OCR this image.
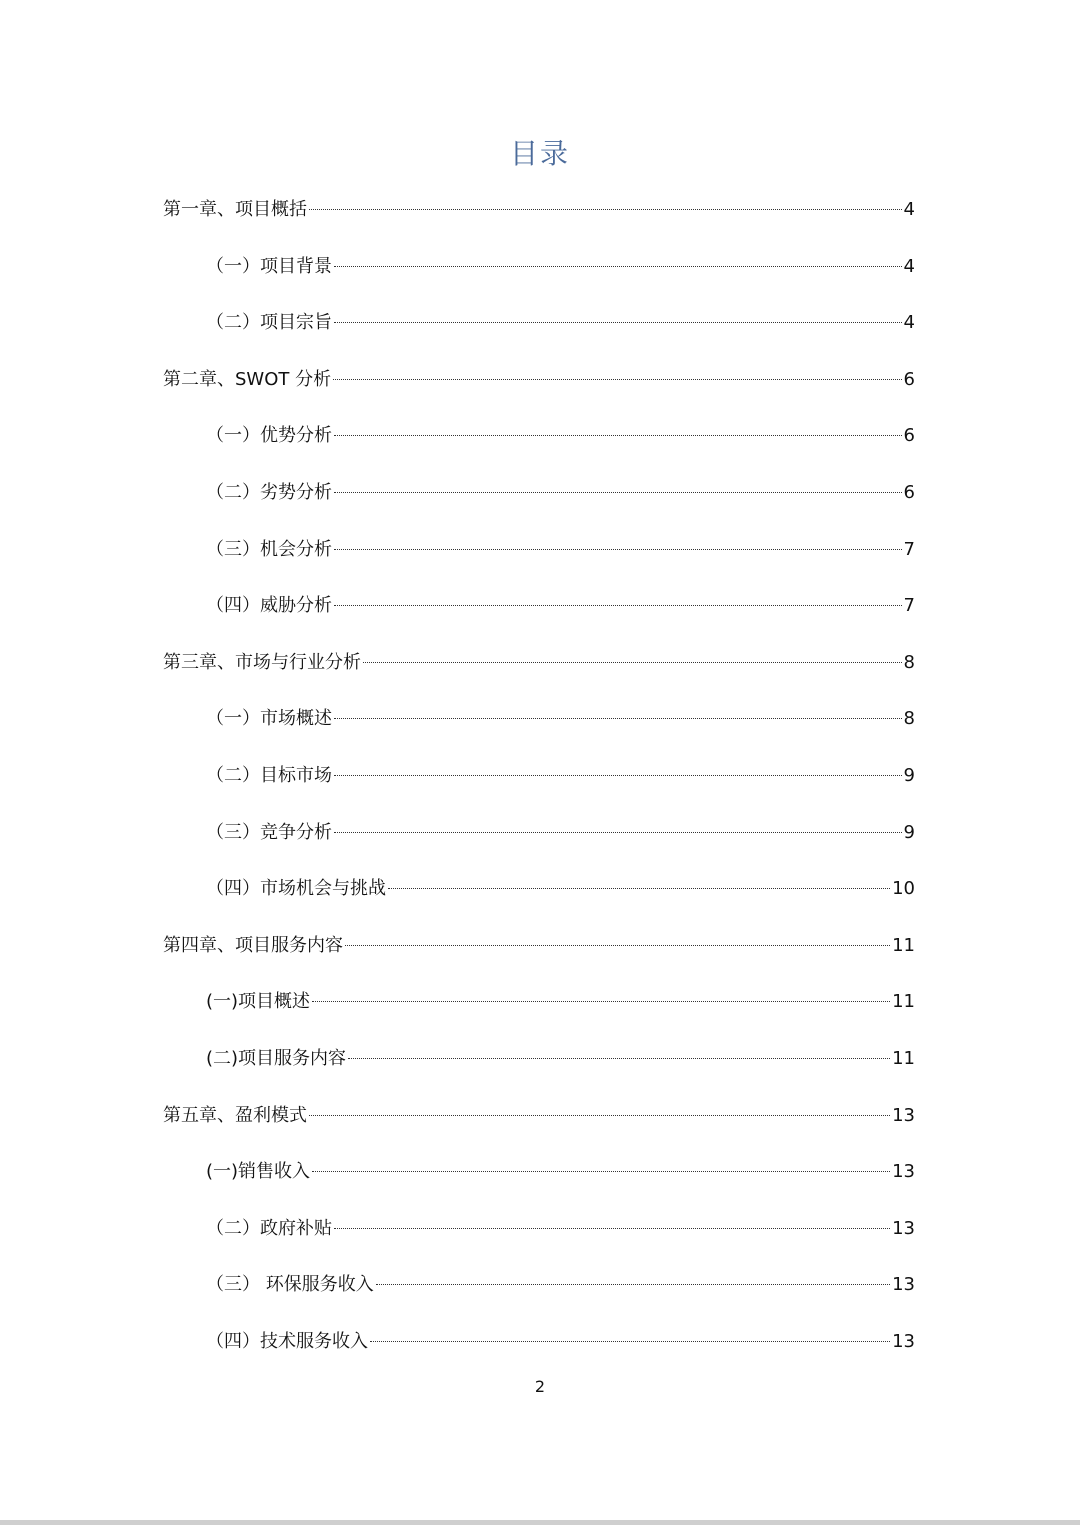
目录
第一章、项目概括	4
（一）项目背景	4
（二）项目宗旨	4
第二章、SWOT 分析	6
（一）优势分析	6
（二）劣势分析	6
（三）机会分析	7
（四）威胁分析	7
第三章、市场与行业分析	8
（一）市场概述	8
（二）目标市场	9
（三）竞争分析	9
（四）市场机会与挑战	10
第四章、项目服务内容	11
(一)项目概述	11
(二)项目服务内容	11
第五章、盈利模式	13
(一)销售收入	13
（二）政府补贴	13
（三） 环保服务收入	13
（四）技术服务收入	13
2
